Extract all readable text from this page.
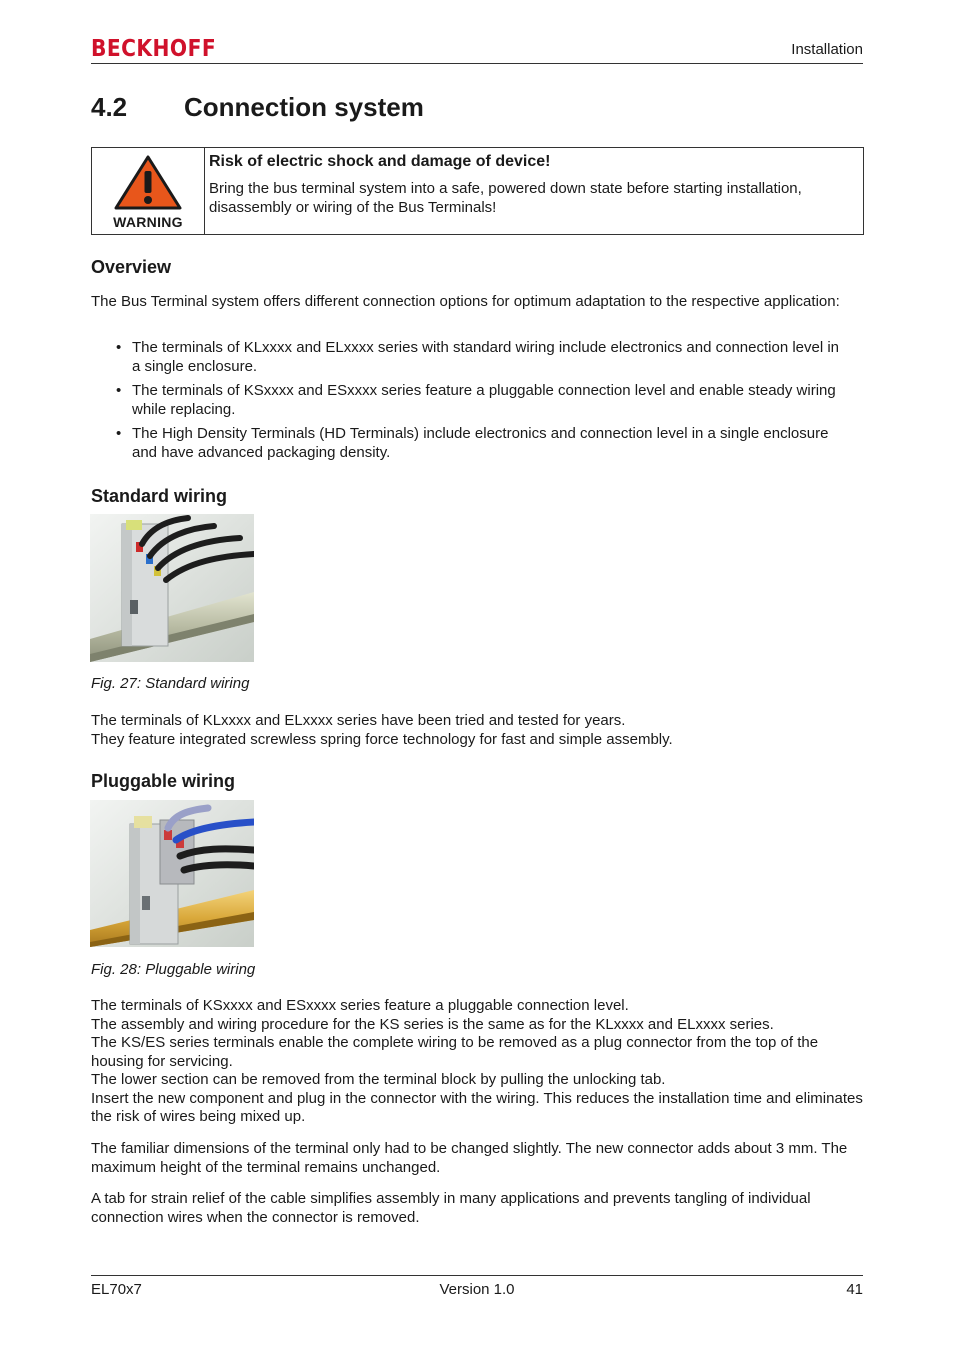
BECKHOFF	Installation
4.2 Connection system
WARNING
Risk of electric shock and damage of device!
Bring the bus terminal system into a safe, powered down state before starting installation, disassembly or wiring of the Bus Terminals!
Overview

The Bus Terminal system offers different connection options for optimum adaptation to the respective application:

• The terminals of KLxxxx and ELxxxx series with standard wiring include electronics and connection level in a single enclosure.
• The terminals of KSxxxx and ESxxxx series feature a pluggable connection level and enable steady wiring while replacing.
• The High Density Terminals (HD Terminals) include electronics and connection level in a single enclosure and have advanced packaging density.
Standard wiring
Fig. 27: Standard wiring
The terminals of KLxxxx and ELxxxx series have been tried and tested for years.
They feature integrated screwless spring force technology for fast and simple assembly.
Pluggable wiring
Fig. 28: Pluggable wiring
The terminals of KSxxxx and ESxxxx series feature a pluggable connection level.
The assembly and wiring procedure for the KS series is the same as for the KLxxxx and ELxxxx series.
The KS/ES series terminals enable the complete wiring to be removed as a plug connector from the top of the housing for servicing.
The lower section can be removed from the terminal block by pulling the unlocking tab.
Insert the new component and plug in the connector with the wiring. This reduces the installation time and eliminates the risk of wires being mixed up.

The familiar dimensions of the terminal only had to be changed slightly. The new connector adds about 3 mm. The maximum height of the terminal remains unchanged.

A tab for strain relief of the cable simplifies assembly in many applications and prevents tangling of individual connection wires when the connector is removed.

EL70x7	Version 1.0	41
